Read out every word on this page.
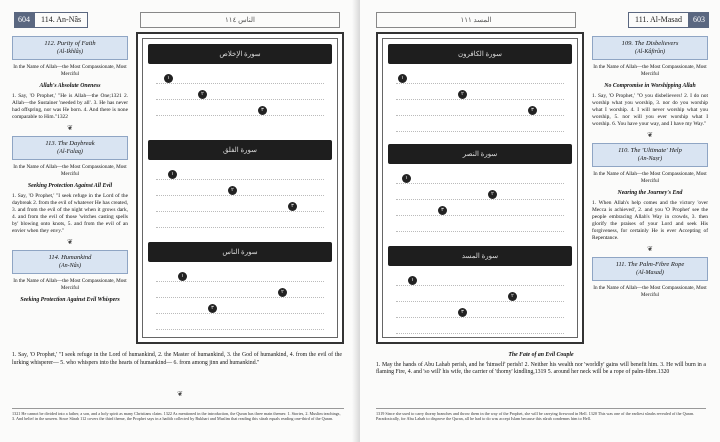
604	114. An-Nâs	الناس ١١٤
112. Purity of Faith
(Al-Ikhlâṣ)
In the Name of Allah—the Most Compassionate, Most Merciful
Allah's Absolute Oneness
1. Say, 'O Prophet,' "He is Allah—the One;1321 2. Allah—the Sustainer 'needed by all'. 3. He has never had offspring, nor was He born. 4. And there is none comparable to Him."1322
❦
113. The Daybreak
(Al-Falaq)
In the Name of Allah—the Most Compassionate, Most Merciful
Seeking Protection Against All Evil
1. Say, 'O Prophet,' "I seek refuge in the Lord of the daybreak 2. from the evil of whatever He has created, 3. and from the evil of the night when it grows dark, 4. and from the evil of those 'witches casting spells by' blowing onto knots, 5. and from the evil of an envier when they envy."
❦
114. Humankind
(An-Nâs)
In the Name of Allah—the Most Compassionate, Most Merciful
Seeking Protection Against Evil Whispers
سورة الإخلاص
١
٢
٣
سورة الفلق
١
٢
٣
سورة الناس
١
٢
٣
1. Say, 'O Prophet,' "I seek refuge in the Lord of humankind, 2. the Master of humankind, 3. the God of humankind, 4. from the evil of the lurking whisperer— 5. who whispers into the hearts of humankind— 6. from among jinn and humankind."
❦
1321 He cannot be divided into a father, a son, and a holy spirit as many Christians claim. 1322 As mentioned in the introduction, the Quran has three main themes: 1. Stories, 2. Muslim teachings, 3. And belief in the unseen. Since Sûrah 112 covers the third theme, the Prophet says in a hadith collected by Bukhari and Muslim that reading this sûrah equals reading one-third of the Quran.
المسد ١١١	111. Al-Masad	603
سورة الكافرون
١
٢
٣
سورة النصر
١
٢
٣
سورة المسد
١
٢
٣
109. The Disbelievers
(Al-Kâfirûn)
In the Name of Allah—the Most Compassionate, Most Merciful
No Compromise in Worshipping Allah
1. Say, 'O Prophet,' "O you disbelievers! 2. I do not worship what you worship, 3. nor do you worship what I worship. 4. I will never worship what you worship, 5. nor will you ever worship what I worship. 6. You have your way, and I have my Way."
❦
110. The 'Ultimate' Help
(An-Naṣr)
In the Name of Allah—the Most Compassionate, Most Merciful
Nearing the Journey's End
1. When Allah's help comes and the victory 'over Mecca is achieved', 2. and you 'O Prophet' see the people embracing Allah's Way in crowds, 3. then glorify the praises of your Lord and seek His forgiveness, for certainly He is ever Accepting of Repentance.
❦
111. The Palm-Fibre Rope
(Al-Masad)
In the Name of Allah—the Most Compassionate, Most Merciful
The Fate of an Evil Couple
1. May the hands of Abu Lahab perish, and he 'himself' perish! 2. Neither his wealth nor 'worldly' gains will benefit him. 3. He will burn in a flaming Fire, 4. and 'so will' his wife, the carrier of 'thorny' kindling,1319 5. around her neck will be a rope of palm-fibre.1320
1319 Since she used to carry thorny branches and throw them in the way of the Prophet, she will be carrying firewood in Hell. 1320 This was one of the earliest sûrahs revealed of the Quran. Paradoxically, for Abu Lahab to disprove the Quran, all he had to do was accept Islam because this sûrah condemns him to Hell.
